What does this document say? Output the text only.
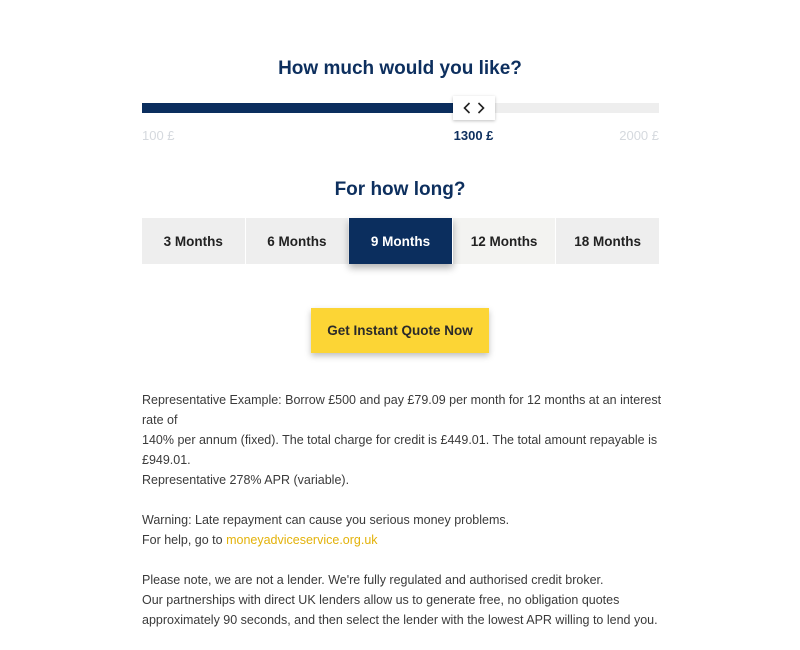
How much would you like?
100 £	1300 £	2000 £
For how long?
3 Months	6 Months	9 Months	12 Months	18 Months
Get Instant Quote Now

Representative Example: Borrow £500 and pay £79.09 per month for 12 months at an interest rate of
140% per annum (fixed). The total charge for credit is £449.01. The total amount repayable is £949.01.
Representative 278% APR (variable).

Warning: Late repayment can cause you serious money problems.
For help, go to moneyadviceservice.org.uk

Please note, we are not a lender. We're fully regulated and authorised credit broker.
Our partnerships with direct UK lenders allow us to generate free, no obligation quotes
approximately 90 seconds, and then select the lender with the lowest APR willing to lend you.
